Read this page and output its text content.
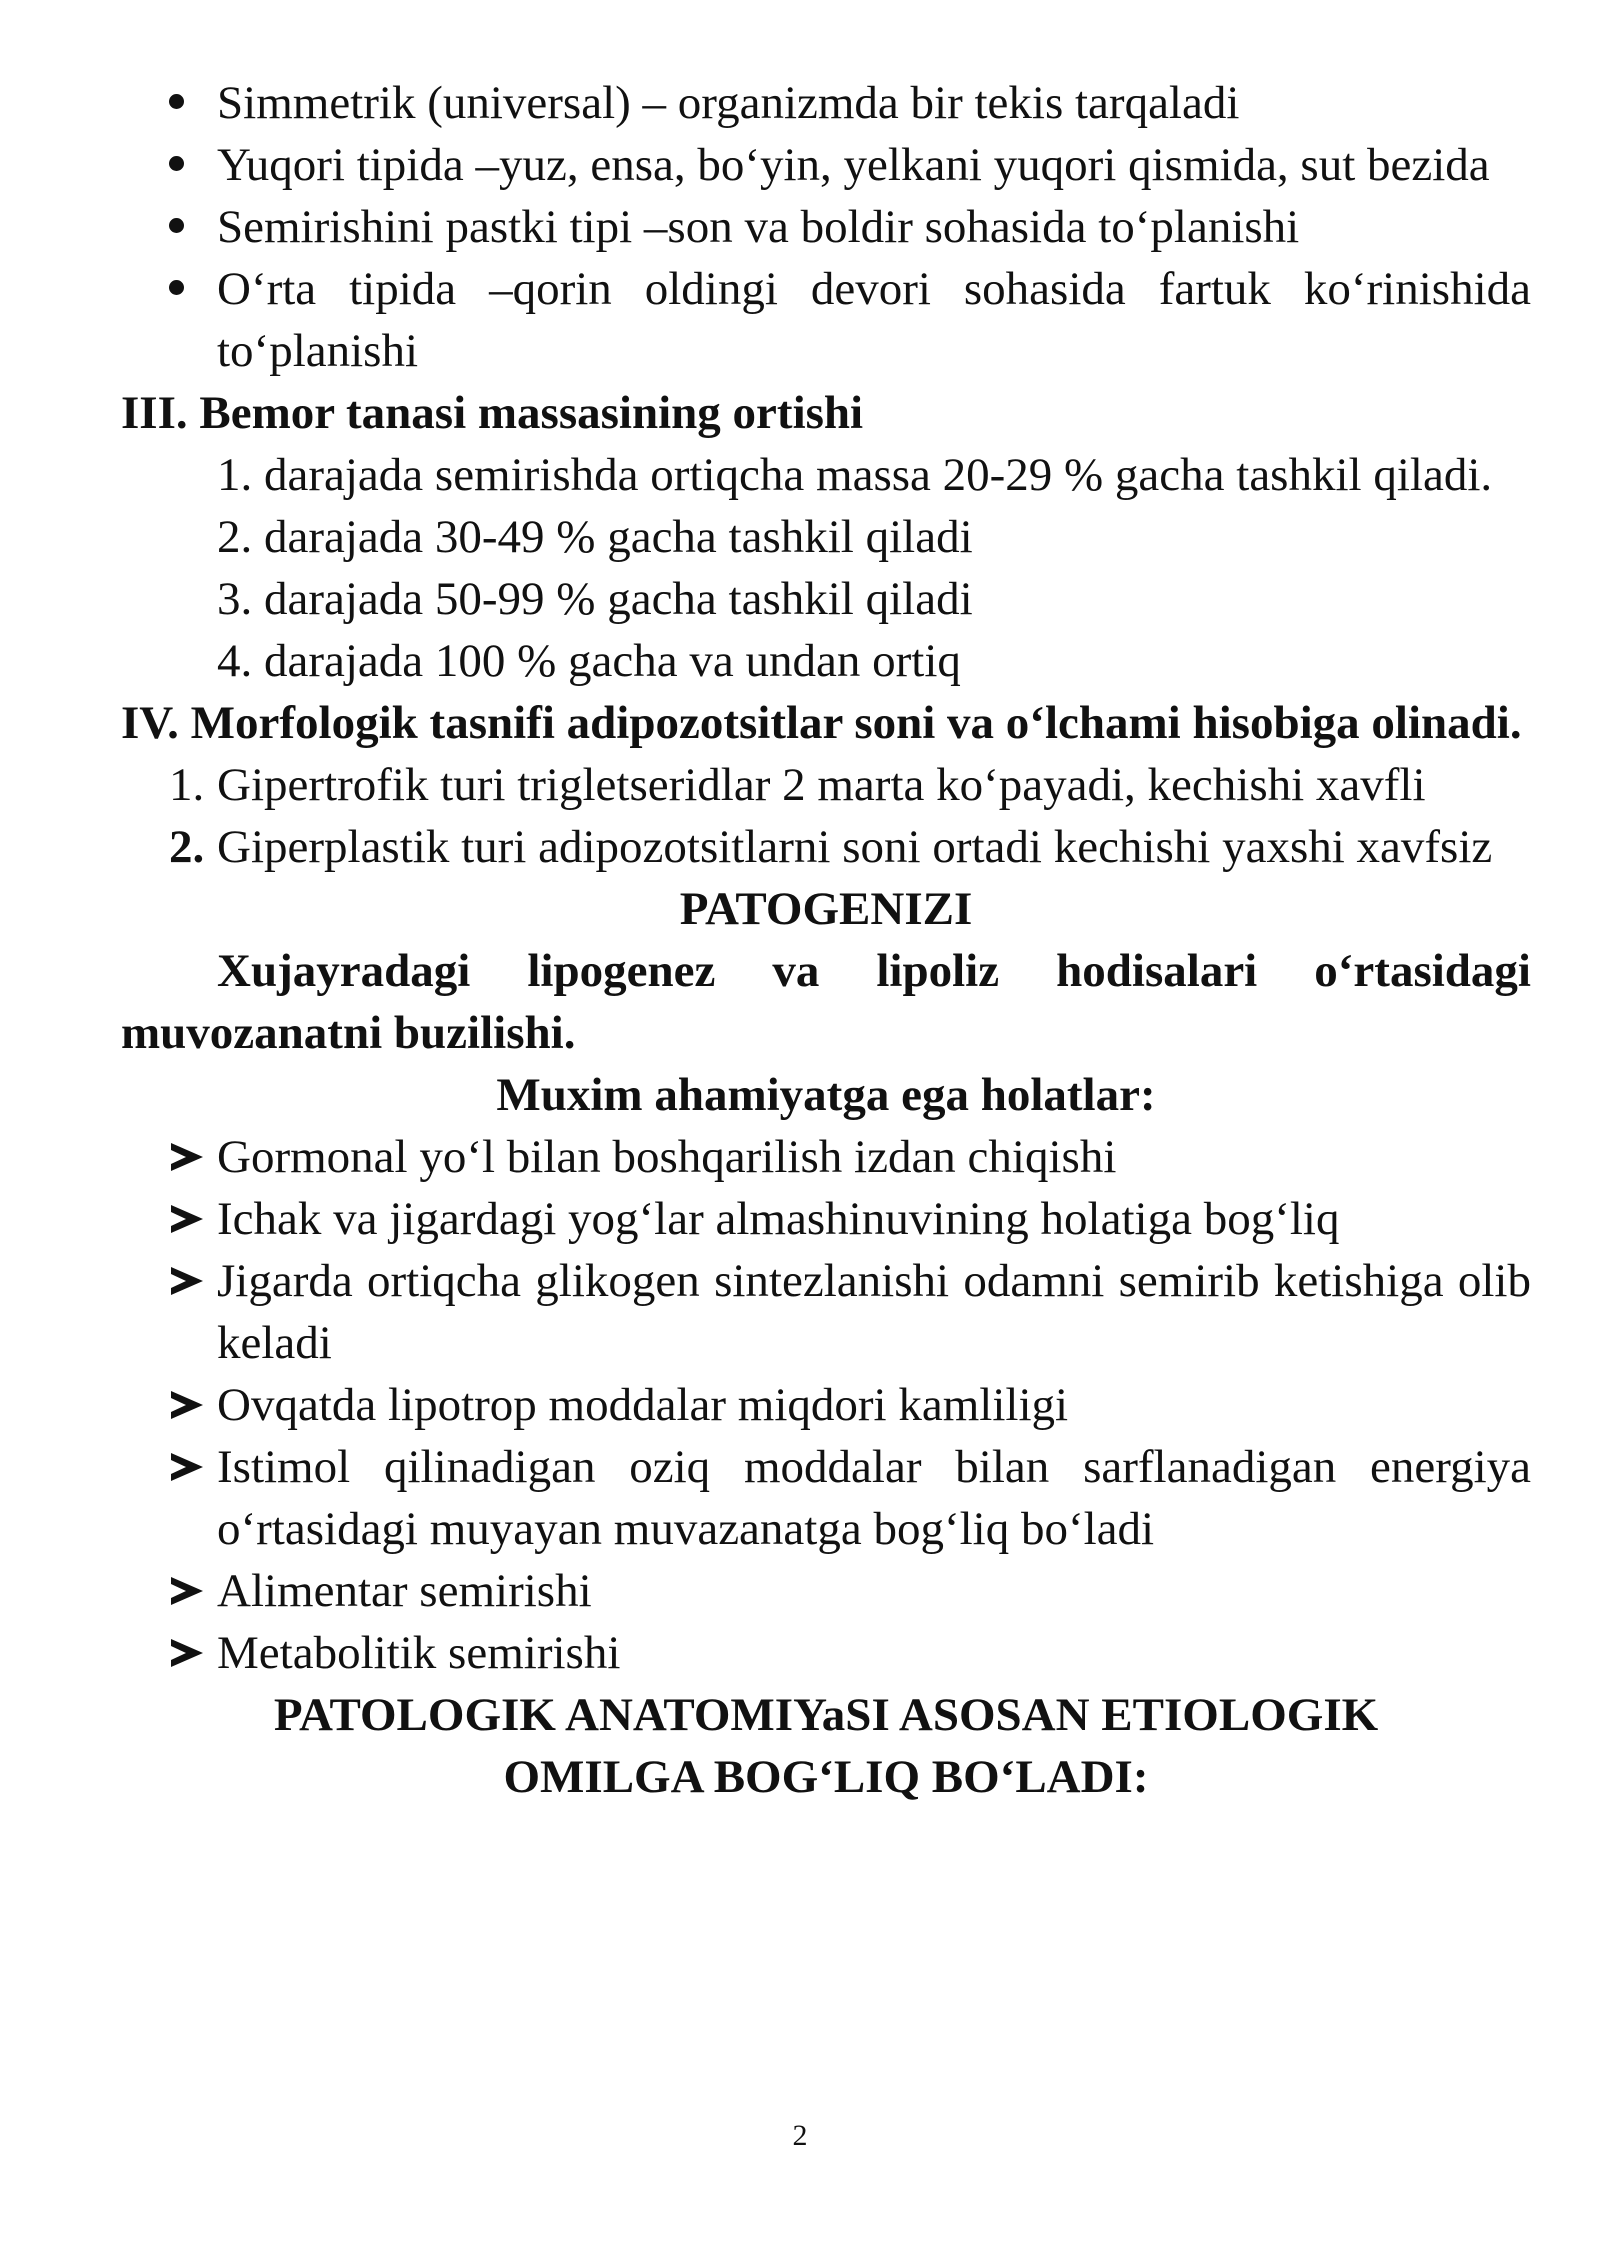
Simmetrik (universal) – organizmda bir tekis tarqaladi
Yuqori tipida –yuz, ensa, bo‘yin, yelkani yuqori qismida, sut bezida
Semirishini pastki tipi –son va boldir sohasida to‘planishi
O‘rta tipida –qorin oldingi devori sohasida fartuk ko‘rinishida to‘planishi

III. Bemor tanasi massasining ortishi

1. darajada semirishda ortiqcha massa 20-29 % gacha tashkil qiladi.

2. darajada 30-49 % gacha tashkil qiladi

3. darajada 50-99 % gacha tashkil qiladi

4. darajada 100 % gacha va undan ortiq

IV. Morfologik tasnifi adipozotsitlar soni va o‘lchami hisobiga olinadi.

1. Gipertrofik turi trigletseridlar 2 marta ko‘payadi, kechishi xavfli
2. Giperplastik turi adipozotsitlarni soni ortadi kechishi yaxshi xavfsiz

PATOGENIZI

Xujayradagi lipogenez va lipoliz hodisalari o‘rtasidagi muvozanatni buzilishi.

Muxim ahamiyatga ega holatlar:

Gormonal yo‘l bilan boshqarilish izdan chiqishi
Ichak va jigardagi yog‘lar almashinuvining holatiga bog‘liq
Jigarda ortiqcha glikogen sintezlanishi odamni semirib ketishiga olib keladi
Ovqatda lipotrop moddalar miqdori kamliligi
Istimol qilinadigan oziq moddalar bilan sarflanadigan energiya o‘rtasidagi muyayan muvazanatga bog‘liq bo‘ladi
Alimentar semirishi
Metabolitik semirishi

PATOLOGIK ANATOMIYaSI ASOSAN ETIOLOGIK

OMILGA BOG‘LIQ BO‘LADI:

2
